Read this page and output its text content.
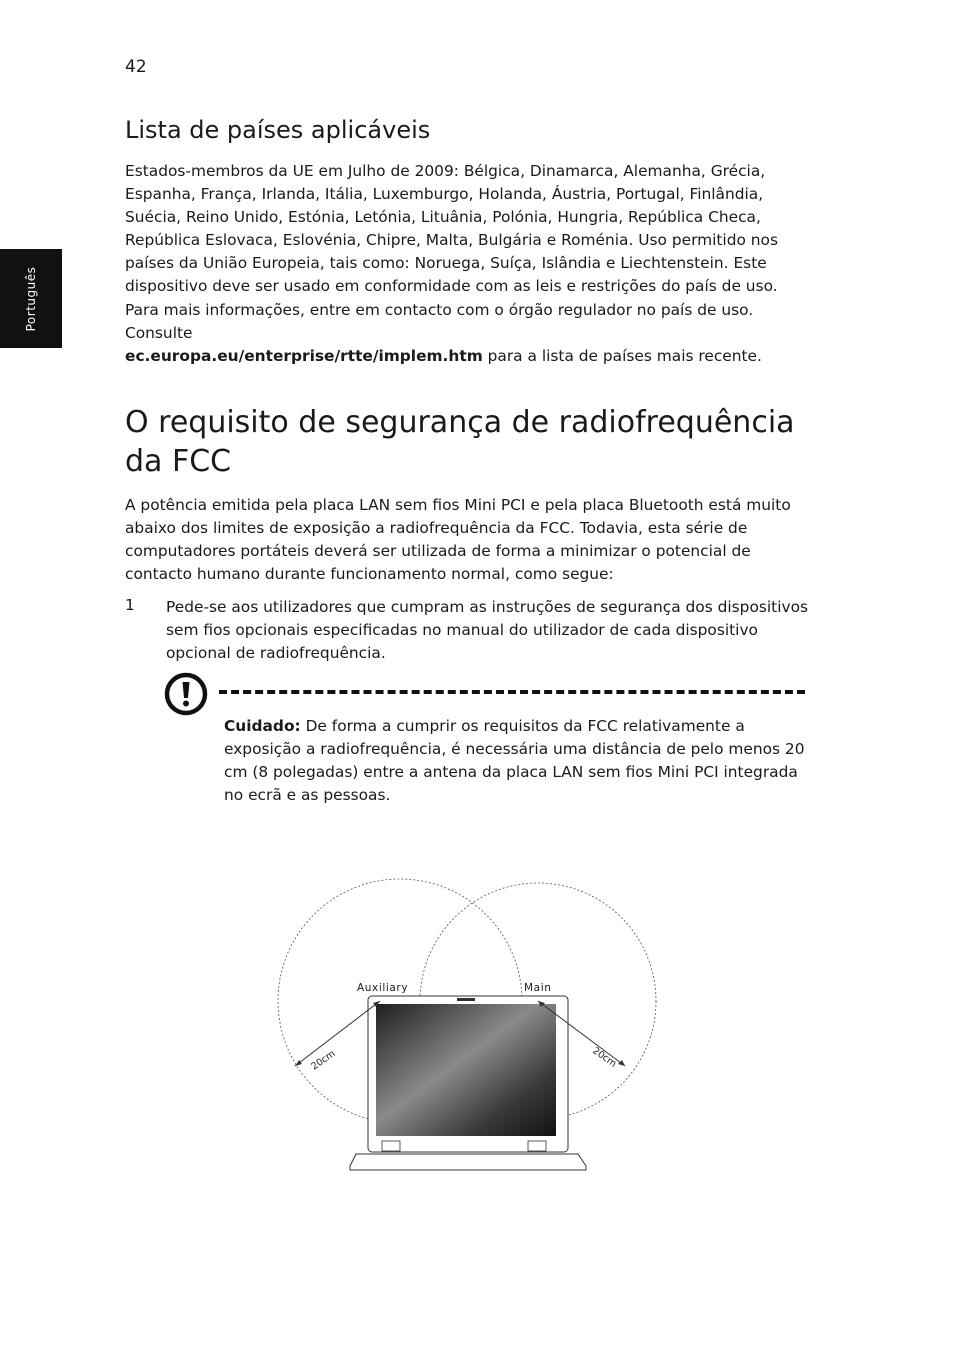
42
Português
Lista de países aplicáveis

Estados-membros da UE em Julho de 2009: Bélgica, Dinamarca, Alemanha, Grécia, Espanha, França, Irlanda, Itália, Luxemburgo, Holanda, Áustria, Portugal, Finlândia, Suécia, Reino Unido, Estónia, Letónia, Lituânia, Polónia, Hungria, República Checa, República Eslovaca, Eslovénia, Chipre, Malta, Bulgária e Roménia. Uso permitido nos países da União Europeia, tais como: Noruega, Suíça, Islândia e Liechtenstein. Este dispositivo deve ser usado em conformidade com as leis e restrições do país de uso. Para mais informações, entre em contacto com o órgão regulador no país de uso. Consulte
ec.europa.eu/enterprise/rtte/implem.htm para a lista de países mais recente.

O requisito de segurança de radiofrequência da FCC

A potência emitida pela placa LAN sem fios Mini PCI e pela placa Bluetooth está muito abaixo dos limites de exposição a radiofrequência da FCC. Todavia, esta série de computadores portáteis deverá ser utilizada de forma a minimizar o potencial de contacto humano durante funcionamento normal, como segue:

1 Pede-se aos utilizadores que cumpram as instruções de segurança dos dispositivos sem fios opcionais especificadas no manual do utilizador de cada dispositivo opcional de radiofrequência.

Cuidado: De forma a cumprir os requisitos da FCC relativamente a exposição a radiofrequência, é necessária uma distância de pelo menos 20 cm (8 polegadas) entre a antena da placa LAN sem fios Mini PCI integrada no ecrã e as pessoas.

Auxiliary	Main
20cm	20cm
